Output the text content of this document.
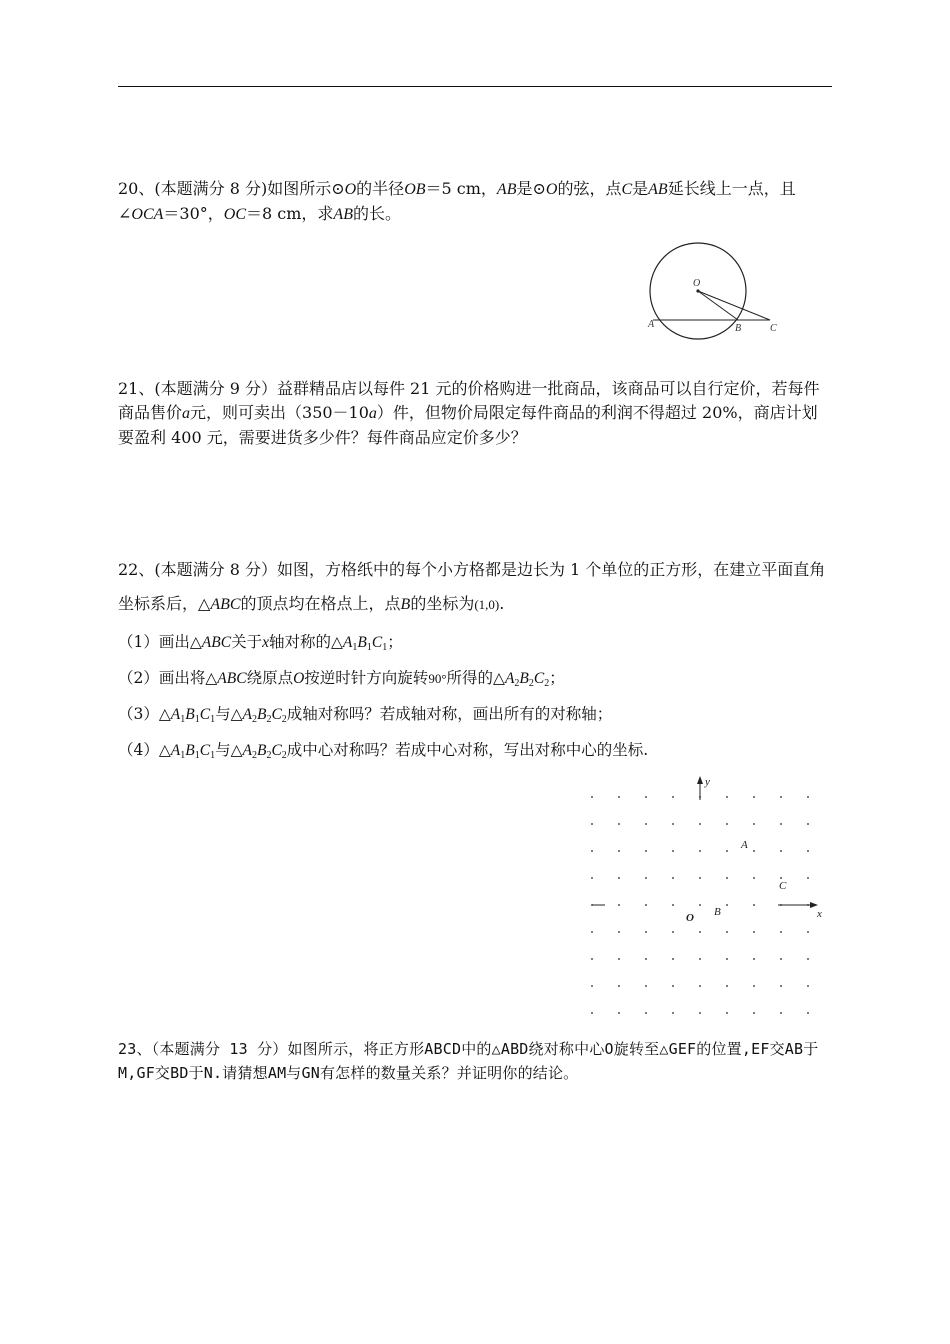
20、(本题满分 8 分)如图所示⊙O的半径OB＝5 cm，AB是⊙O的弦，点C是AB延长线上一点，且∠OCA＝30°，OC＝8 cm，求AB的长。
O
A	B	C
21、(本题满分 9 分）益群精品店以每件 21 元的价格购进一批商品，该商品可以自行定价，若每件商品售价a元，则可卖出（350－10a）件，但物价局限定每件商品的利润不得超过 20%，商店计划要盈利 400 元，需要进货多少件？每件商品应定价多少？
22、(本题满分 8 分）如图，方格纸中的每个小方格都是边长为 1 个单位的正方形，在建立平面直角坐标系后，△ABC的顶点均在格点上，点B的坐标为(1,0).
（1）画出△ABC关于x轴对称的$\triangle A_1B_1C_1$；
（2）画出将△ABC绕原点O按逆时针方向旋转90°所得的$\triangle A_2B_2C_2$；
$(3)\triangle A_1B_1C_1$与$\triangle A_2B_2C_2$成轴对称吗？若成轴对称，画出所有的对称轴；
$(4)\triangle A_1B_1C_1$与$\triangle A_2B_2C_2$成中心对称吗？若成中心对称，写出对称中心的坐标.
y
x
O
A
B
C
23、（本题满分 13 分）如图所示，将正方形ABCD中的△ABD绕对称中心O旋转至△GEF的位置,EF交AB于M,GF交BD于N.请猜想AM与GN有怎样的数量关系？并证明你的结论。
